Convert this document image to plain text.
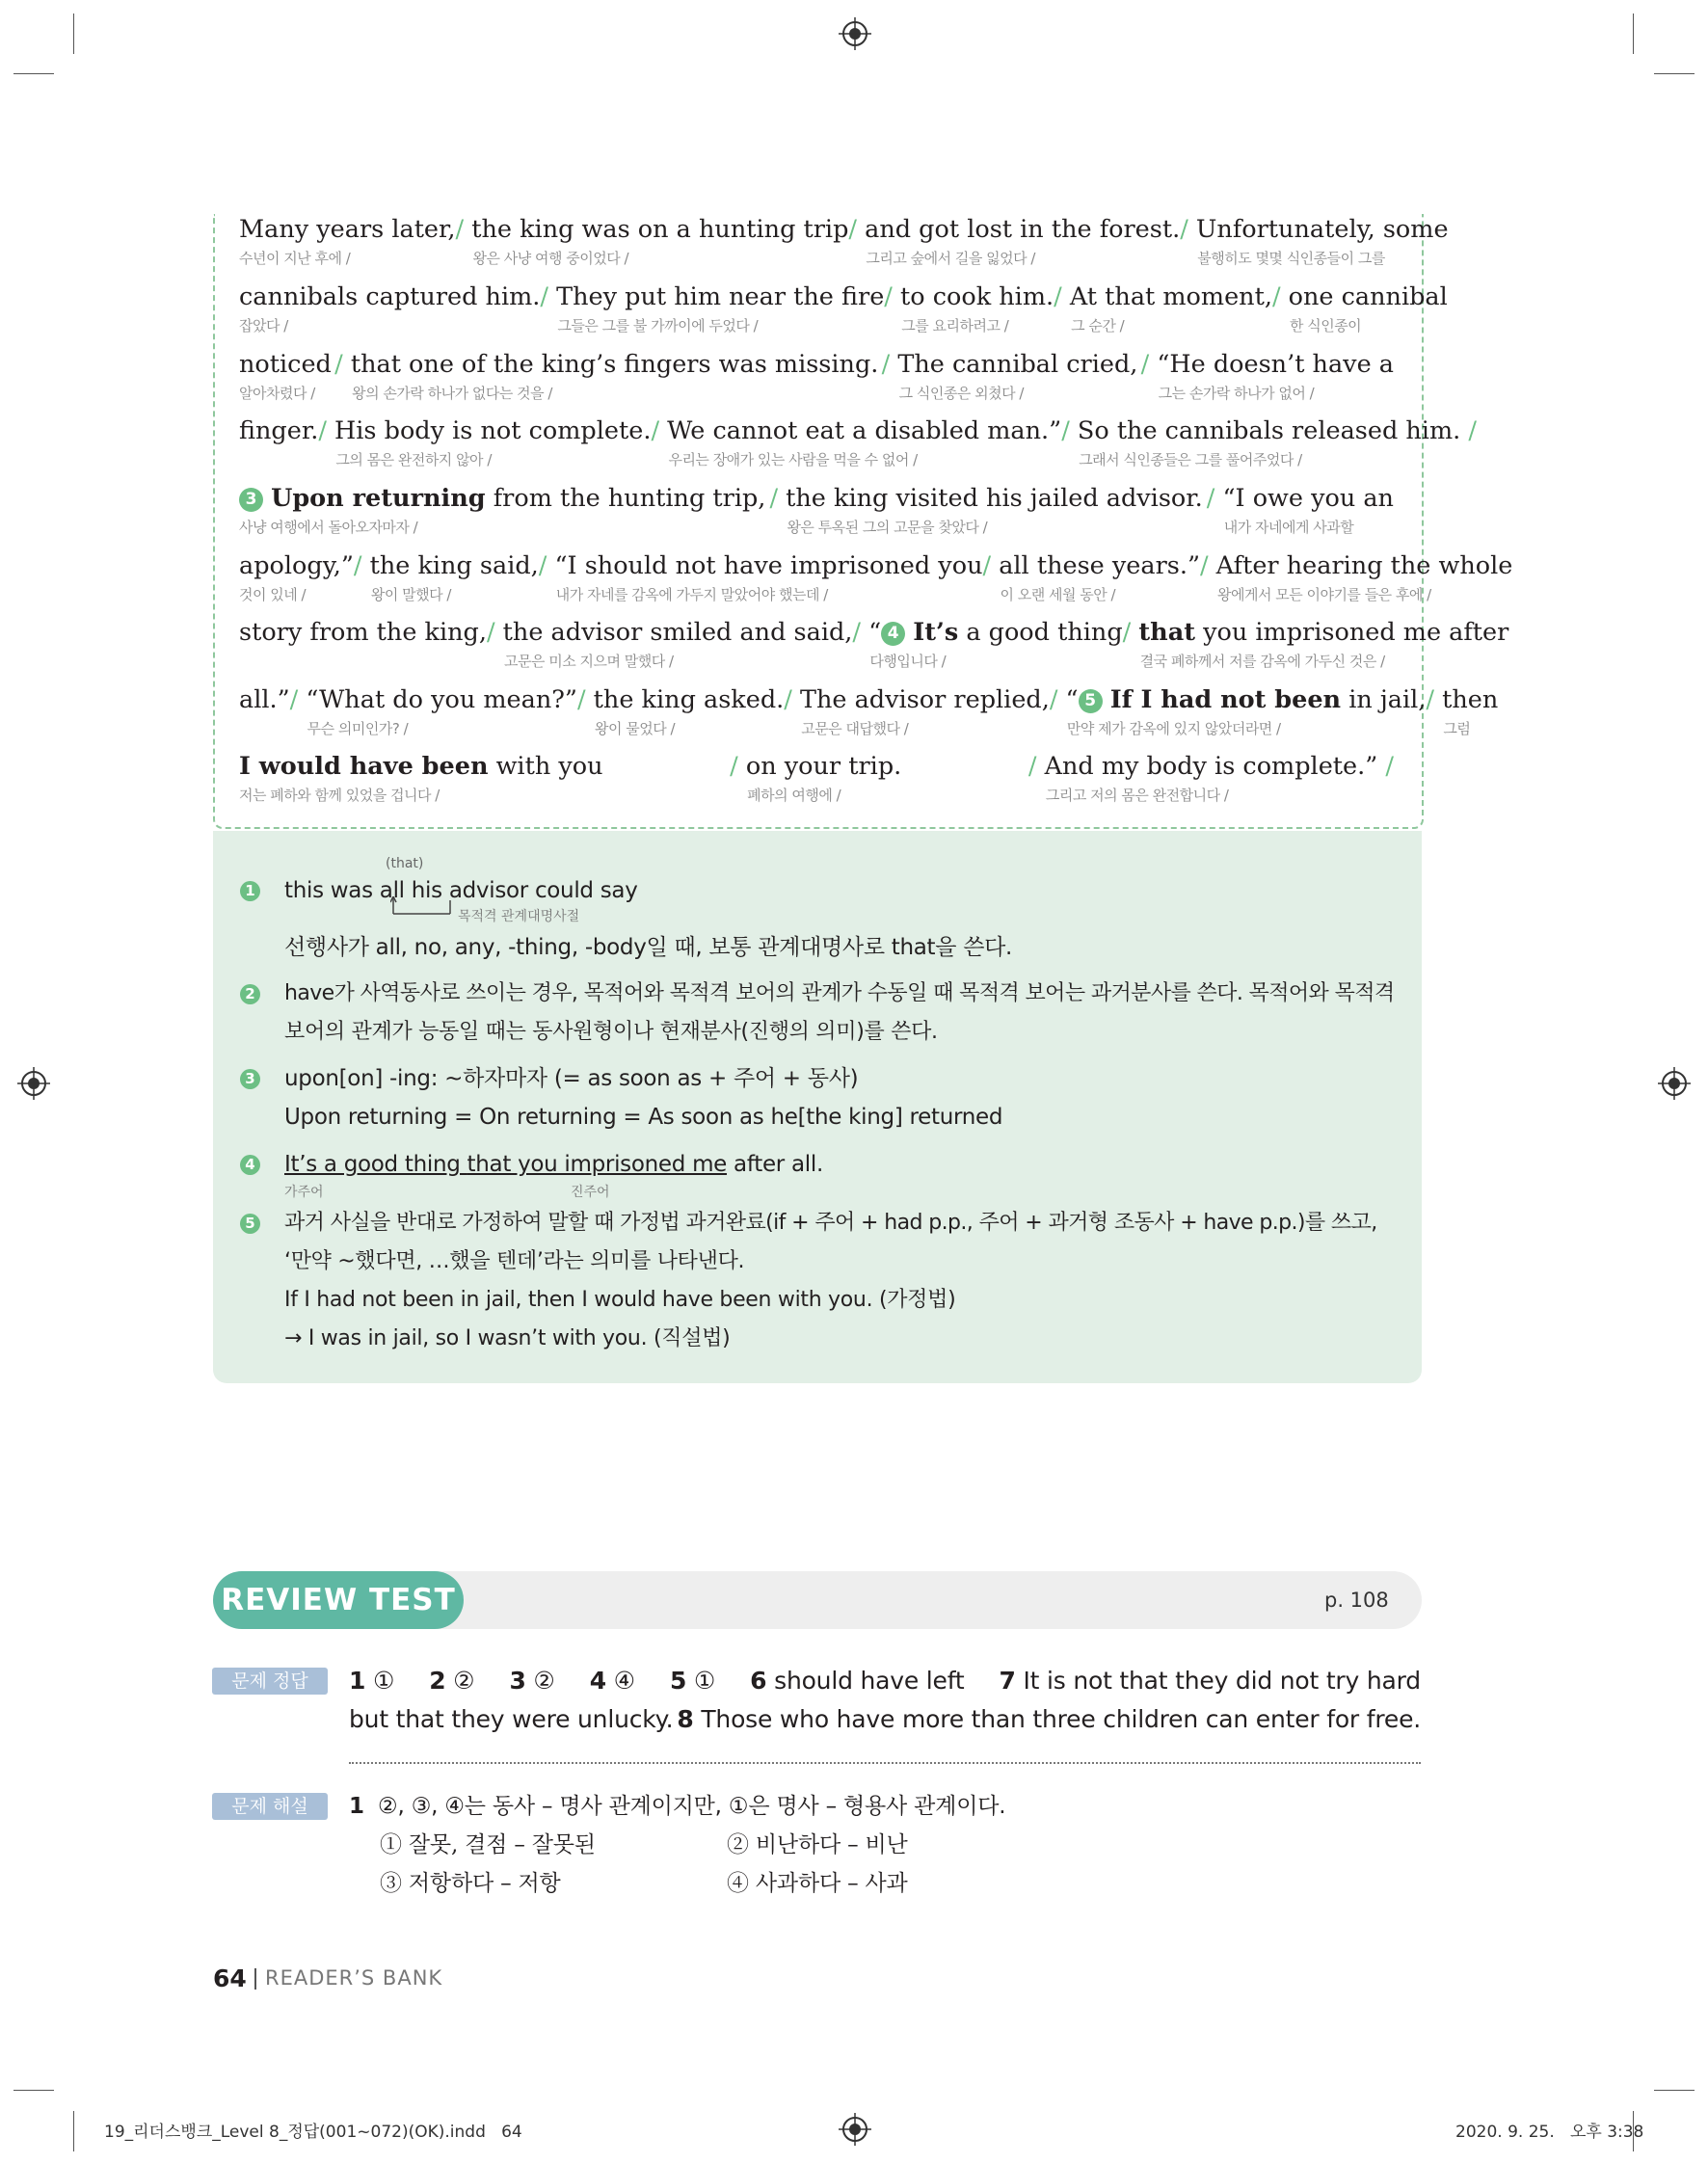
Many years later,
수년이 지난 후에 /
/ the king was on a hunting trip
왕은 사냥 여행 중이었다 /
/ and got lost in the forest.
그리고 숲에서 길을 잃었다 /
/ Unfortunately, some
불행히도 몇몇 식인종들이 그를
cannibals captured him.
잡았다 /
/ They put him near the fire
그들은 그를 불 가까이에 두었다 /
/ to cook him.
그를 요리하려고 /
/ At that moment,
그 순간 /
/ one cannibal
한 식인종이
noticed
알아차렸다 /
/ that one of the king’s fingers was missing.
왕의 손가락 하나가 없다는 것을 /
/ The cannibal cried,
그 식인종은 외쳤다 /
/ “He doesn’t have a
그는 손가락 하나가 없어 /
finger. / His body is not complete.
그의 몸은 완전하지 않아 /
/ We cannot eat a disabled man.”
우리는 장애가 있는 사람을 먹을 수 없어 /
/ So the cannibals released him. /
그래서 식인종들은 그를 풀어주었다 /
3 Upon returning from the hunting trip,
사냥 여행에서 돌아오자마자 /
/ the king visited his jailed advisor.
왕은 투옥된 그의 고문을 찾았다 /
/ “I owe you an
내가 자네에게 사과할
apology,”
것이 있네 /
/ the king said,
왕이 말했다 /
/ “I should not have imprisoned you
내가 자네를 감옥에 가두지 말았어야 했는데 /
/ all these years.”
이 오랜 세월 동안 /
/ After hearing the whole
왕에게서 모든 이야기를 들은 후에 /
story from the king, / the advisor smiled and said,
고문은 미소 지으며 말했다 /
/ “ 4 It’s a good thing
다행입니다 /
/ that you imprisoned me after
결국 폐하께서 저를 감옥에 가두신 것은 /
all.” / “What do you mean?”
무슨 의미인가? /
/ the king asked.
왕이 물었다 /
/ The advisor replied,
고문은 대답했다 /
/ “ 5 If I had not been in jail,
만약 제가 감옥에 있지 않았더라면 /
/ then
그럼
I would have been with you
저는 폐하와 함께 있었을 겁니다 /
/ on your trip.
폐하의 여행에 /
/ And my body is complete.” /
그리고 저의 몸은 완전합니다 /
1
(that)
this was all his advisor could say
목적격 관계대명사절
선행사가 all, no, any, -thing, -body일 때, 보통 관계대명사로 that을 쓴다.
2 have가 사역동사로 쓰이는 경우, 목적어와 목적격 보어의 관계가 수동일 때 목적격 보어는 과거분사를 쓴다. 목적어와 목적격
보어의 관계가 능동일 때는 동사원형이나 현재분사(진행의 의미)를 쓴다.
3 upon[on] -ing: ~하자마자 (= as soon as + 주어 + 동사)
Upon returning = On returning = As soon as he[the king] returned
4 It’s a good thing that you imprisoned me after all.
가주어	진주어
5 과거 사실을 반대로 가정하여 말할 때 가정법 과거완료(if + 주어 + had p.p., 주어 + 과거형 조동사 + have p.p.)를 쓰고,
‘만약 ~했다면, …했을 텐데’라는 의미를 나타낸다.
If I had not been in jail, then I would have been with you. (가정법)
→ I was in jail, so I wasn’t with you. (직설법)
REVIEW TEST	p. 108
문제 정답	1 ① 2 ② 3 ② 4 ④ 5 ① 6 should have left 7 It is not that they did not try hard
but that they were unlucky. 8 Those who have more than three children can enter for free.
문제 해설	1 ②, ③, ④는 동사 – 명사 관계이지만, ①은 명사 – 형용사 관계이다.
① 잘못, 결점 – 잘못된	② 비난하다 – 비난
③ 저항하다 – 저항	④ 사과하다 – 사과
64 READER’S BANK
19_리더스뱅크_Level 8_정답(001~072)(OK).indd   64	2020. 9. 25.   오후 3:38
